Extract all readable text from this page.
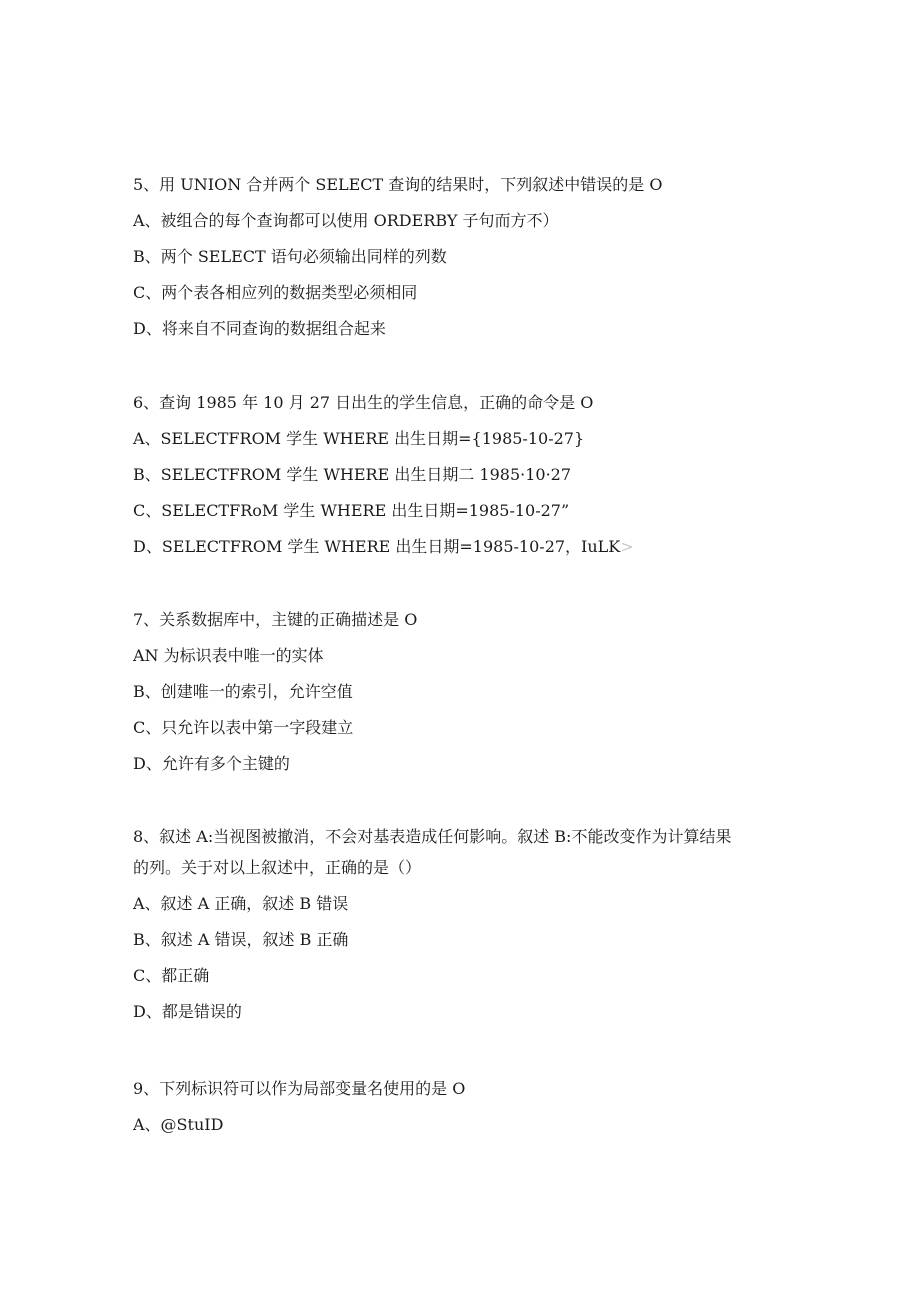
5、用 UNION 合并两个 SELECT 查询的结果时，下列叙述中错误的是 O

A、被组合的每个查询都可以使用 ORDERBY 子句而方不）

B、两个 SELECT 语句必须输出同样的列数

C、两个表各相应列的数据类型必须相同

D、将来自不同查询的数据组合起来

6、查询 1985 年 10 月 27 日出生的学生信息，正确的命令是 O

A、SELECTFROM 学生 WHERE 出生日期={1985-10-27}

B、SELECTFROM 学生 WHERE 出生日期二 1985·10·27

C、SELECTFRoM 学生 WHERE 出生日期=1985-10-27”

D、SELECTFROM 学生 WHERE 出生日期=1985-10-27，IuLK>

7、关系数据库中，主键的正确描述是 O

AN 为标识表中唯一的实体

B、创建唯一的索引，允许空值

C、只允许以表中第一字段建立

D、允许有多个主键的

8、叙述 A:当视图被撤消，不会对基表造成任何影响。叙述 B:不能改变作为计算结果

的列。关于对以上叙述中，正确的是（）

A、叙述 A 正确，叙述 B 错误

B、叙述 A 错误，叙述 B 正确

C、都正确

D、都是错误的

9、下列标识符可以作为局部变量名使用的是 O

A、@StuID
